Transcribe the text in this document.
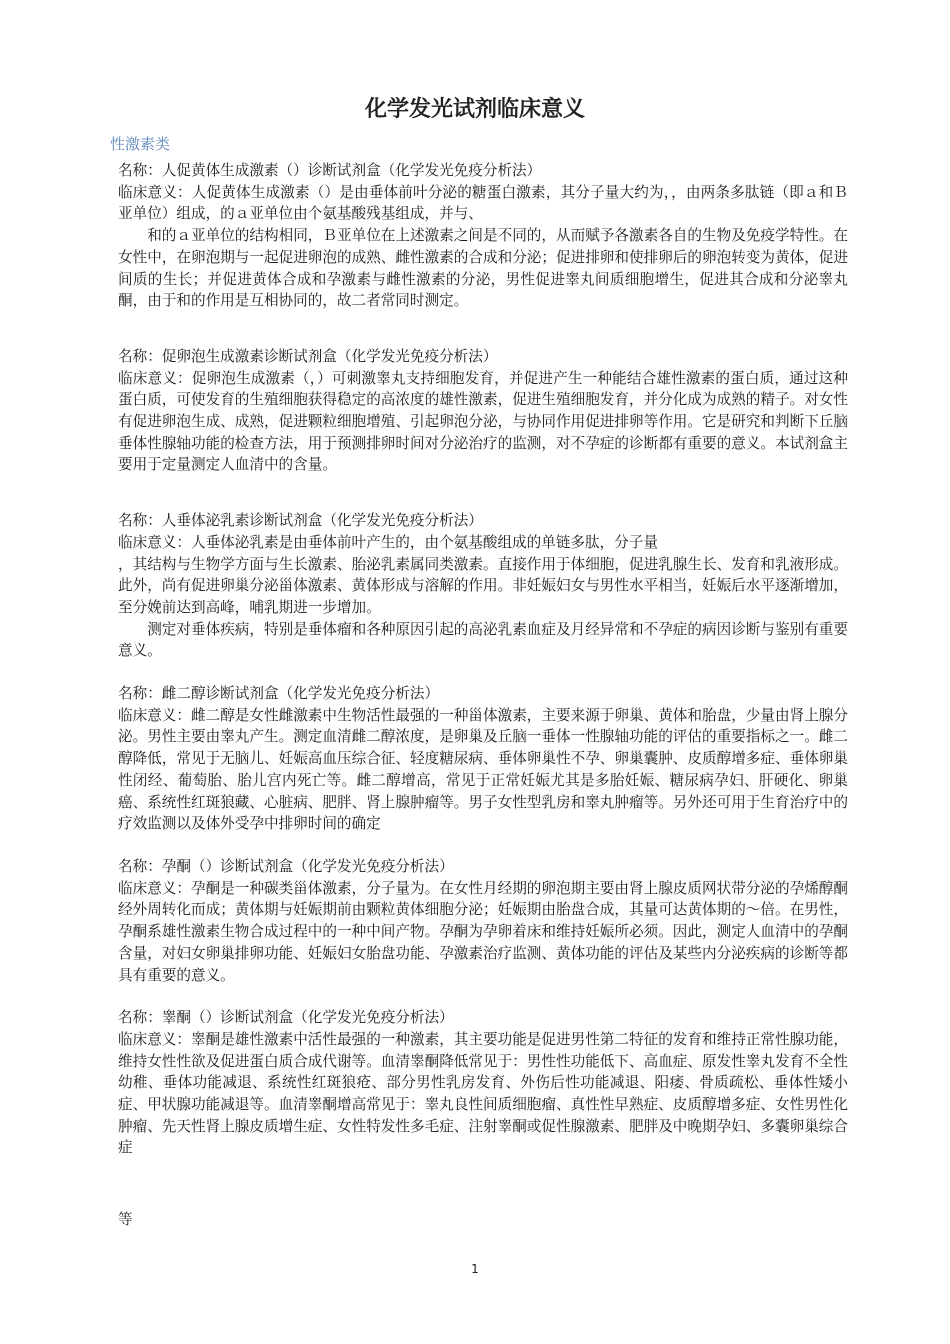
化学发光试剂临床意义
性激素类

名称：人促黄体生成激素（）诊断试剂盒（化学发光免疫分析法）

临床意义：人促黄体生成激素（）是由垂体前叶分泌的糖蛋白激素，其分子量大约为，，由两条多肽链（即ａ和Ｂ亚单位）组成，的ａ亚单位由个氨基酸残基组成，并与、

和的ａ亚单位的结构相同，Ｂ亚单位在上述激素之间是不同的，从而赋予各激素各自的生物及免疫学特性。在女性中，在卵泡期与一起促进卵泡的成熟、雌性激素的合成和分泌；促进排卵和使排卵后的卵泡转变为黄体，促进间质的生长；并促进黄体合成和孕激素与雌性激素的分泌，男性促进睾丸间质细胞增生，促进其合成和分泌睾丸酮，由于和的作用是互相协同的，故二者常同时测定。

名称：促卵泡生成激素诊断试剂盒（化学发光免疫分析法）

临床意义：促卵泡生成激素（，）可刺激睾丸支持细胞发育，并促进产生一种能结合雄性激素的蛋白质，通过这种蛋白质，可使发育的生殖细胞获得稳定的高浓度的雄性激素，促进生殖细胞发育，并分化成为成熟的精子。对女性有促进卵泡生成、成熟，促进颗粒细胞增殖、引起卵泡分泌，与协同作用促进排卵等作用。它是研究和判断下丘脑垂体性腺轴功能的检查方法，用于预测排卵时间对分泌治疗的监测，对不孕症的诊断都有重要的意义。本试剂盒主要用于定量测定人血清中的含量。

名称：人垂体泌乳素诊断试剂盒（化学发光免疫分析法）

临床意义：人垂体泌乳素是由垂体前叶产生的，由个氨基酸组成的单链多肽，分子量

，其结构与生物学方面与生长激素、胎泌乳素属同类激素。直接作用于体细胞，促进乳腺生长、发育和乳液形成。此外，尚有促进卵巢分泌甾体激素、黄体形成与溶解的作用。非妊娠妇女与男性水平相当，妊娠后水平逐渐增加，至分娩前达到高峰，哺乳期进一步增加。

测定对垂体疾病，特别是垂体瘤和各种原因引起的高泌乳素血症及月经异常和不孕症的病因诊断与鉴别有重要意义。

名称：雌二醇诊断试剂盒（化学发光免疫分析法）

临床意义：雌二醇是女性雌激素中生物活性最强的一种甾体激素，主要来源于卵巢、黄体和胎盘，少量由肾上腺分泌。男性主要由睾丸产生。测定血清雌二醇浓度，是卵巢及丘脑一垂体一性腺轴功能的评估的重要指标之一。雌二醇降低，常见于无脑儿、妊娠高血压综合征、轻度糖尿病、垂体卵巢性不孕、卵巢囊肿、皮质醇增多症、垂体卵巢性闭经、葡萄胎、胎儿宫内死亡等。雌二醇增高，常见于正常妊娠尤其是多胎妊娠、糖尿病孕妇、肝硬化、卵巢癌、系统性红斑狼藏、心脏病、肥胖、肾上腺肿瘤等。男子女性型乳房和睾丸肿瘤等。另外还可用于生育治疗中的疗效监测以及体外受孕中排卵时间的确定

名称：孕酮（）诊断试剂盒（化学发光免疫分析法）

临床意义：孕酮是一种碳类甾体激素，分子量为。在女性月经期的卵泡期主要由肾上腺皮质网状带分泌的孕烯醇酮经外周转化而成；黄体期与妊娠期前由颗粒黄体细胞分泌；妊娠期由胎盘合成，其量可达黄体期的～倍。在男性，孕酮系雄性激素生物合成过程中的一种中间产物。孕酮为孕卵着床和维持妊娠所必须。因此，测定人血清中的孕酮含量，对妇女卵巢排卵功能、妊娠妇女胎盘功能、孕激素治疗监测、黄体功能的评估及某些内分泌疾病的诊断等都具有重要的意义。

名称：睾酮（）诊断试剂盒（化学发光免疫分析法）

临床意义：睾酮是雄性激素中活性最强的一种激素，其主要功能是促进男性第二特征的发育和维持正常性腺功能，维持女性性欲及促进蛋白质合成代谢等。血清睾酮降低常见于：男性性功能低下、高血症、原发性睾丸发育不全性幼稚、垂体功能减退、系统性红斑狼疮、部分男性乳房发育、外伤后性功能减退、阳痿、骨质疏松、垂体性矮小症、甲状腺功能减退等。血清睾酮增高常见于：睾丸良性间质细胞瘤、真性性早熟症、皮质醇增多症、女性男性化肿瘤、先天性肾上腺皮质增生症、女性特发性多毛症、注射睾酮或促性腺激素、肥胖及中晚期孕妇、多囊卵巢综合症

等
1
